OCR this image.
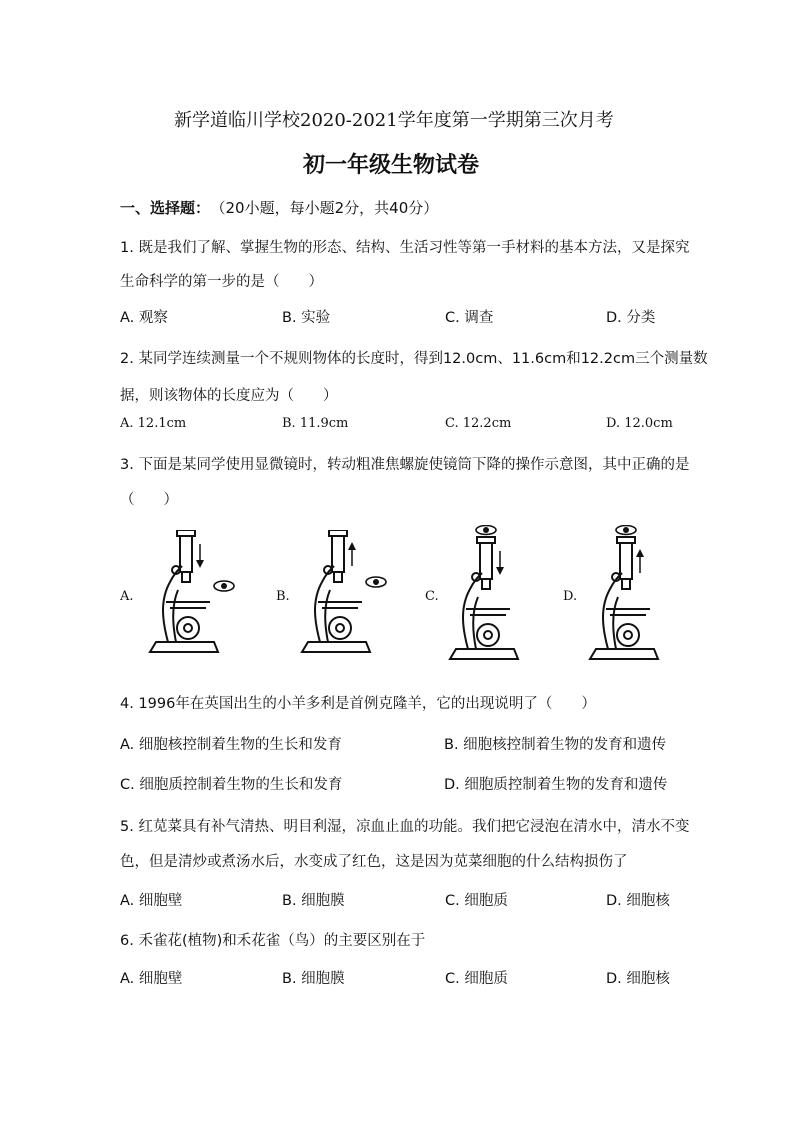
新学道临川学校2020-2021学年度第一学期第三次月考
初一年级生物试卷
一、选择题： （20小题，每小题2分，共40分）
1. 既是我们了解、掌握生物的形态、结构、生活习性等第一手材料的基本方法，又是探究
生命科学的第一步的是（　　）
A. 观察	B. 实验	C. 调查	D. 分类
2. 某同学连续测量一个不规则物体的长度时，得到12.0cm、11.6cm和12.2cm三个测量数
据，则该物体的长度应为（　　）
A. 12.1cm	B. 11.9cm	C. 12.2cm	D. 12.0cm
3. 下面是某同学使用显微镜时，转动粗准焦螺旋使镜筒下降的操作示意图，其中正确的是
（　　）
A.	B.	C.	D.
4. 1996年在英国出生的小羊多利是首例克隆羊，它的出现说明了（　　）
A. 细胞核控制着生物的生长和发育	B. 细胞核控制着生物的发育和遗传
C. 细胞质控制着生物的生长和发育	D. 细胞质控制着生物的发育和遗传
5. 红苋菜具有补气清热、明目利湿，凉血止血的功能。我们把它浸泡在清水中，清水不变
色，但是清炒或煮汤水后，水变成了红色，这是因为苋菜细胞的什么结构损伤了
A. 细胞壁	B. 细胞膜	C. 细胞质	D. 细胞核
6. 禾雀花(植物)和禾花雀（鸟）的主要区别在于
A. 细胞壁	B. 细胞膜	C. 细胞质	D. 细胞核
